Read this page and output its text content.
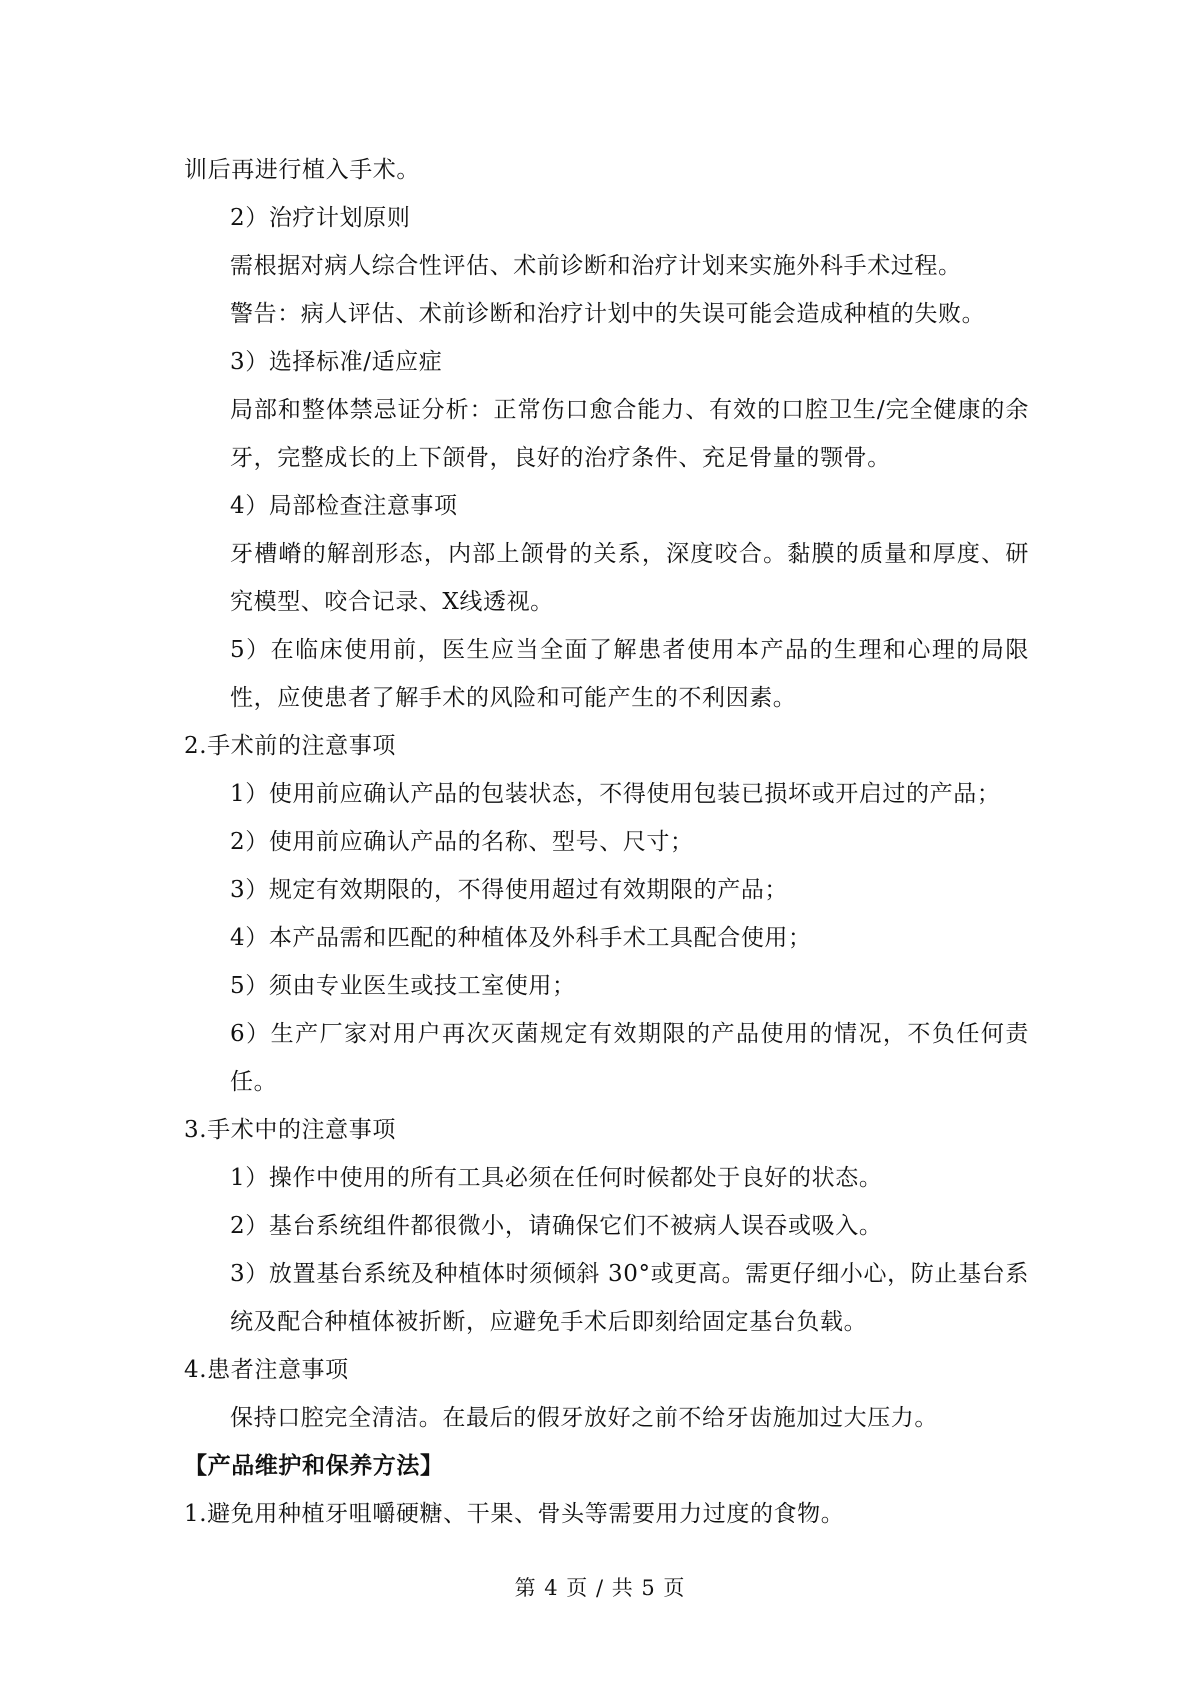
训后再进行植入手术。
2）治疗计划原则
需根据对病人综合性评估、术前诊断和治疗计划来实施外科手术过程。
警告：病人评估、术前诊断和治疗计划中的失误可能会造成种植的失败。
3）选择标准/适应症
局部和整体禁忌证分析：正常伤口愈合能力、有效的口腔卫生/完全健康的余牙，完整成长的上下颌骨，良好的治疗条件、充足骨量的颚骨。
4）局部检查注意事项
牙槽嵴的解剖形态，内部上颌骨的关系，深度咬合。黏膜的质量和厚度、研究模型、咬合记录、X线透视。
5）在临床使用前，医生应当全面了解患者使用本产品的生理和心理的局限性，应使患者了解手术的风险和可能产生的不利因素。
2.手术前的注意事项
1）使用前应确认产品的包装状态，不得使用包装已损坏或开启过的产品；
2）使用前应确认产品的名称、型号、尺寸；
3）规定有效期限的，不得使用超过有效期限的产品；
4）本产品需和匹配的种植体及外科手术工具配合使用；
5）须由专业医生或技工室使用；
6）生产厂家对用户再次灭菌规定有效期限的产品使用的情况，不负任何责任。
3.手术中的注意事项
1）操作中使用的所有工具必须在任何时候都处于良好的状态。
2）基台系统组件都很微小，请确保它们不被病人误吞或吸入。
3）放置基台系统及种植体时须倾斜 30°或更高。需更仔细小心，防止基台系统及配合种植体被折断，应避免手术后即刻给固定基台负载。
4.患者注意事项
保持口腔完全清洁。在最后的假牙放好之前不给牙齿施加过大压力。
【产品维护和保养方法】
1.避免用种植牙咀嚼硬糖、干果、骨头等需要用力过度的食物。
第 4 页 / 共 5 页
